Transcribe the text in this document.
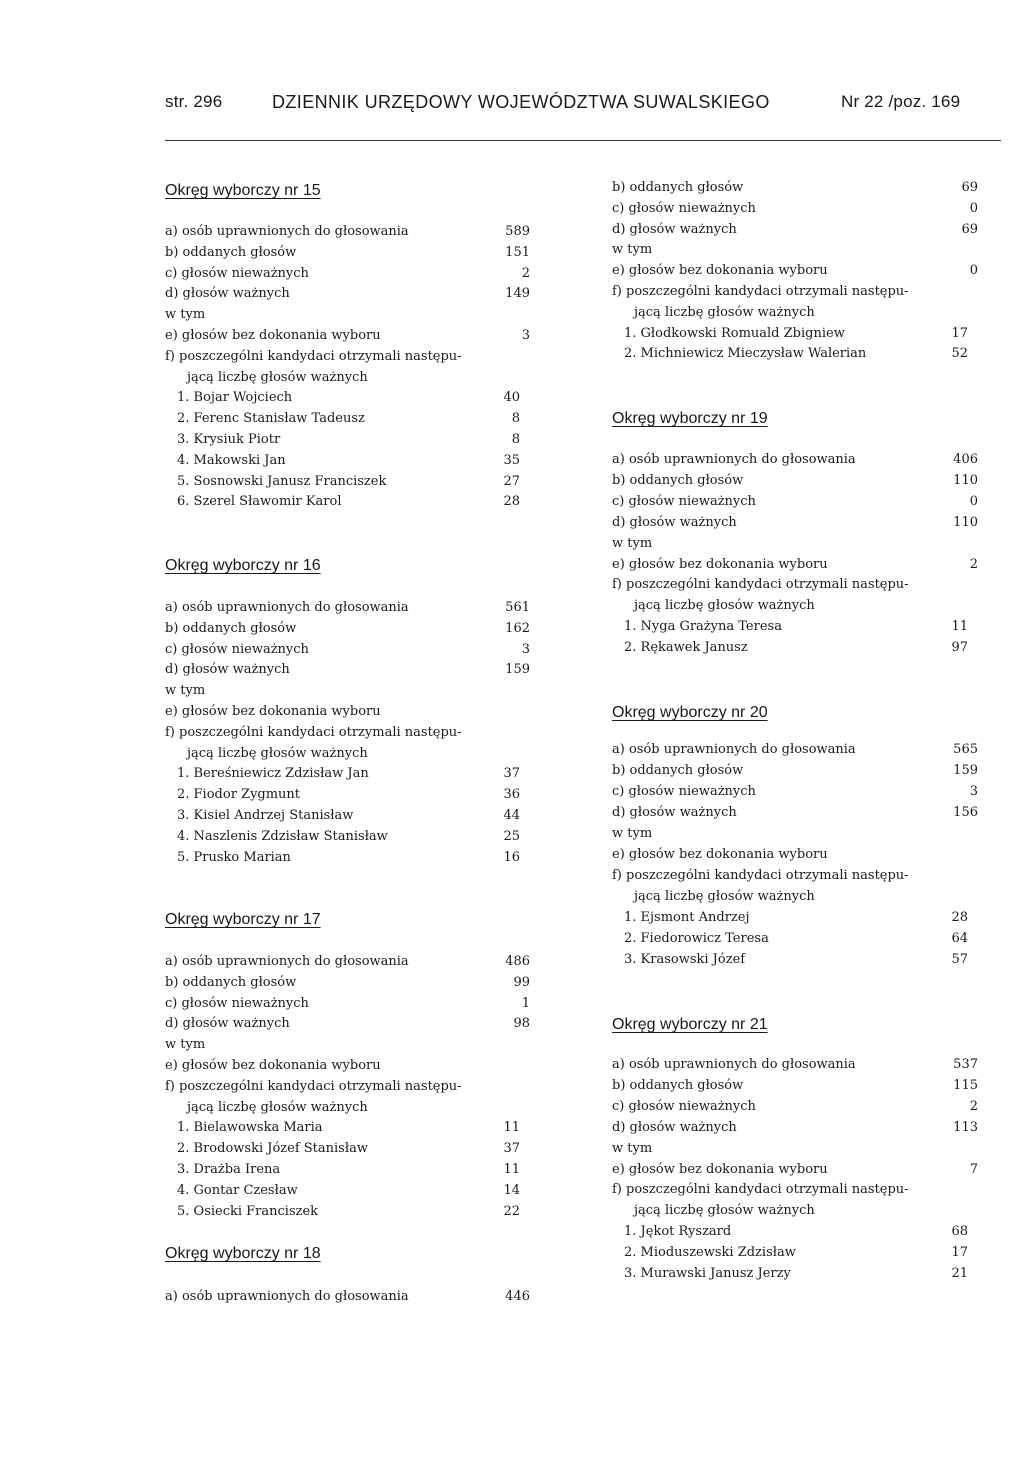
str. 296	DZIENNIK URZĘDOWY WOJEWÓDZTWA SUWALSKIEGO	Nr 22 /poz. 169
Okręg wyborczy nr 15
a) osób uprawnionych do głosowania	589
b) oddanych głosów	151
c) głosów nieważnych	2
d) głosów ważnych	149
w tym
e) głosów bez dokonania wyboru	3
f) poszczególni kandydaci otrzymali następu-
jącą liczbę głosów ważnych
1. Bojar Wojciech	40
2. Ferenc Stanisław Tadeusz	8
3. Krysiuk Piotr	8
4. Makowski Jan	35
5. Sosnowski Janusz Franciszek	27
6. Szerel Sławomir Karol	28
Okręg wyborczy nr 16
a) osób uprawnionych do głosowania	561
b) oddanych głosów	162
c) głosów nieważnych	3
d) głosów ważnych	159
w tym
e) głosów bez dokonania wyboru
f) poszczególni kandydaci otrzymali następu-
jącą liczbę głosów ważnych
1. Bereśniewicz Zdzisław Jan	37
2. Fiodor Zygmunt	36
3. Kisiel Andrzej Stanisław	44
4. Naszlenis Zdzisław Stanisław	25
5. Prusko Marian	16
Okręg wyborczy nr 17
a) osób uprawnionych do głosowania	486
b) oddanych głosów	99
c) głosów nieważnych	1
d) głosów ważnych	98
w tym
e) głosów bez dokonania wyboru
f) poszczególni kandydaci otrzymali następu-
jącą liczbę głosów ważnych
1. Bielawowska Maria	11
2. Brodowski Józef Stanisław	37
3. Drażba Irena	11
4. Gontar Czesław	14
5. Osiecki Franciszek	22
Okręg wyborczy nr 18
a) osób uprawnionych do głosowania	446
b) oddanych głosów	69
c) głosów nieważnych	0
d) głosów ważnych	69
w tym
e) głosów bez dokonania wyboru	0
f) poszczególni kandydaci otrzymali następu-
jącą liczbę głosów ważnych
1. Głodkowski Romuald Zbigniew	17
2. Michniewicz Mieczysław Walerian	52
Okręg wyborczy nr 19
a) osób uprawnionych do głosowania	406
b) oddanych głosów	110
c) głosów nieważnych	0
d) głosów ważnych	110
w tym
e) głosów bez dokonania wyboru	2
f) poszczególni kandydaci otrzymali następu-
jącą liczbę głosów ważnych
1. Nyga Grażyna Teresa	11
2. Rękawek Janusz	97
Okręg wyborczy nr 20
a) osób uprawnionych do głosowania	565
b) oddanych głosów	159
c) głosów nieważnych	3
d) głosów ważnych	156
w tym
e) głosów bez dokonania wyboru
f) poszczególni kandydaci otrzymali następu-
jącą liczbę głosów ważnych
1. Ejsmont Andrzej	28
2. Fiedorowicz Teresa	64
3. Krasowski Józef	57
Okręg wyborczy nr 21
a) osób uprawnionych do głosowania	537
b) oddanych głosów	115
c) głosów nieważnych	2
d) głosów ważnych	113
w tym
e) głosów bez dokonania wyboru	7
f) poszczególni kandydaci otrzymali następu-
jącą liczbę głosów ważnych
1. Jękot Ryszard	68
2. Mioduszewski Zdzisław	17
3. Murawski Janusz Jerzy	21
